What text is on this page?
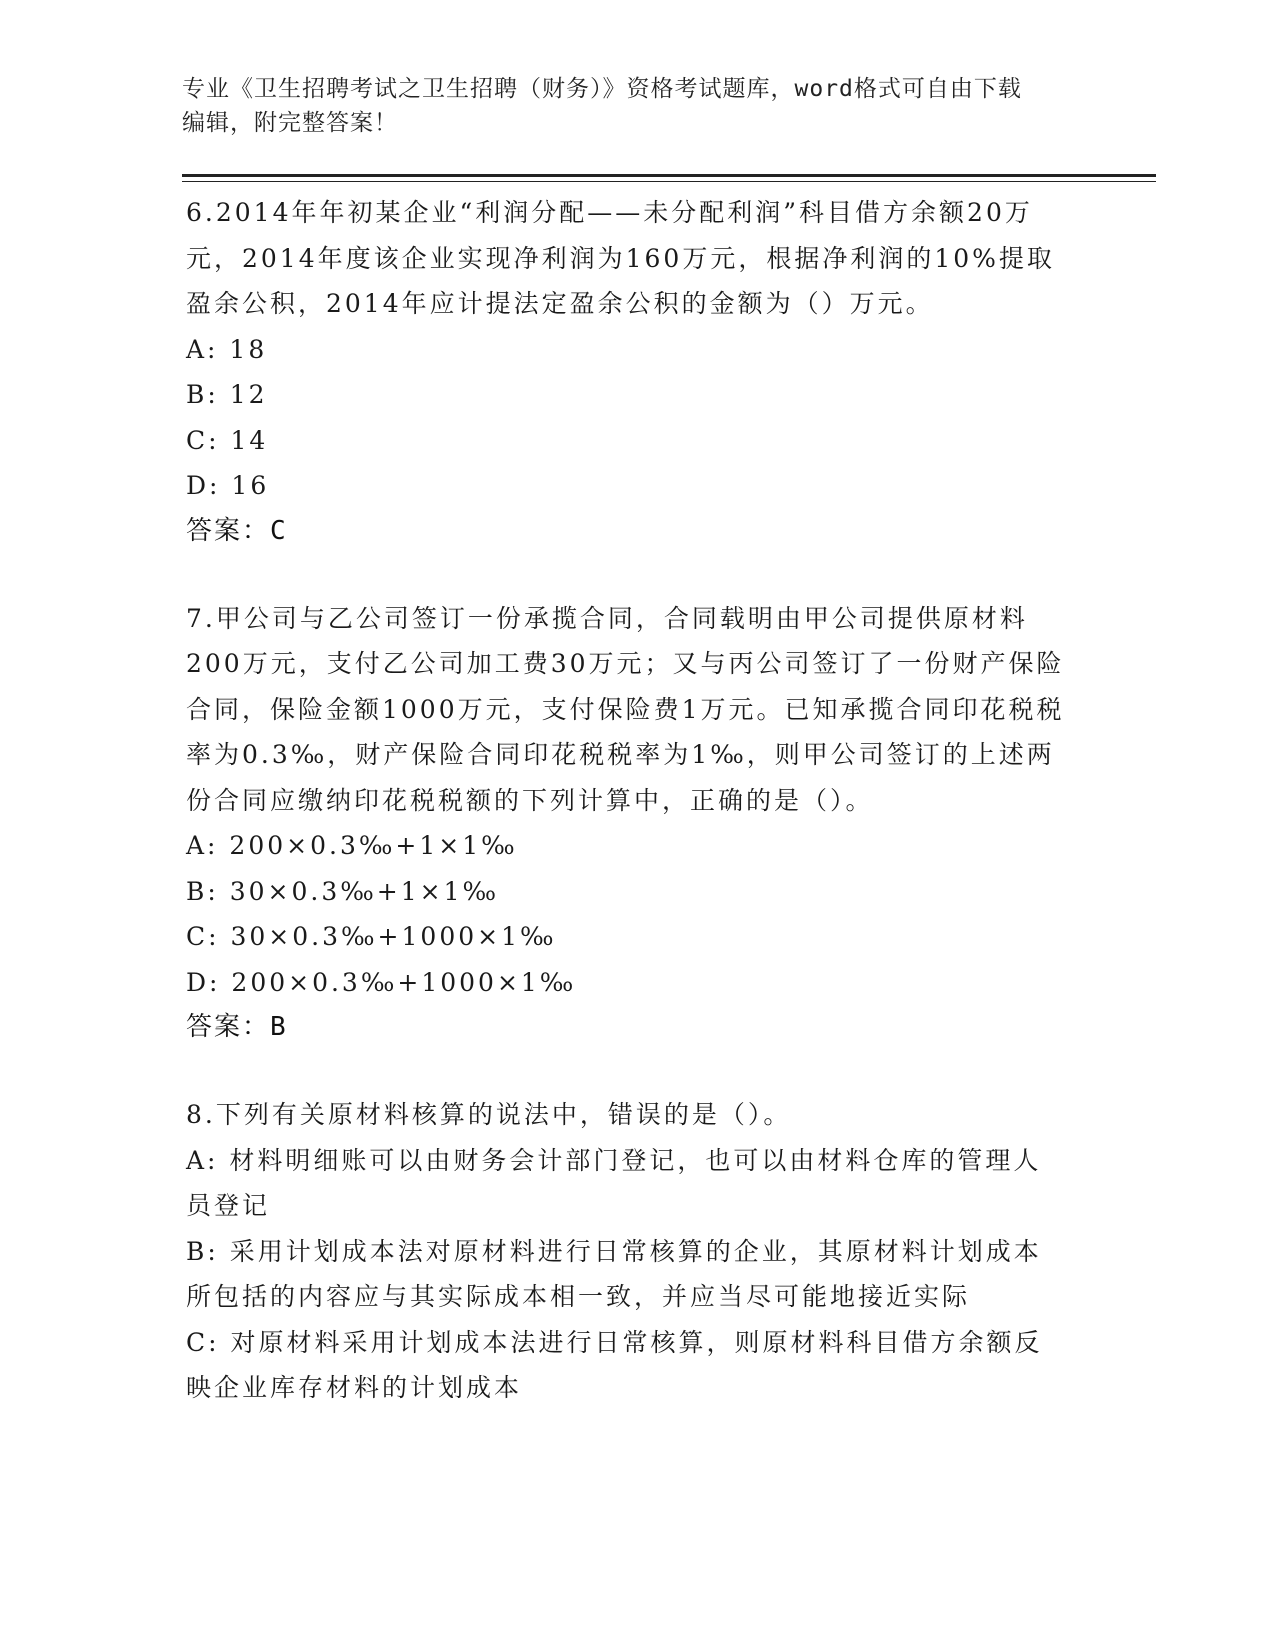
专业《卫生招聘考试之卫生招聘（财务）》资格考试题库，word格式可自由下载
编辑，附完整答案！

6.2014年年初某企业“利润分配——未分配利润”科目借方余额20万元，2014年度该企业实现净利润为160万元，根据净利润的10%提取盈余公积，2014年应计提法定盈余公积的金额为（）万元。

A: 18

B: 12

C: 14

D: 16

答案：C

7.甲公司与乙公司签订一份承揽合同，合同载明由甲公司提供原材料200万元，支付乙公司加工费30万元；又与丙公司签订了一份财产保险合同，保险金额1000万元，支付保险费1万元。已知承揽合同印花税税率为0.3‰，财产保险合同印花税税率为1‰，则甲公司签订的上述两份合同应缴纳印花税税额的下列计算中，正确的是（）。

A: 200×0.3‰+1×1‰

B: 30×0.3‰+1×1‰

C: 30×0.3‰+1000×1‰

D: 200×0.3‰+1000×1‰

答案：B

8.下列有关原材料核算的说法中，错误的是（）。

A: 材料明细账可以由财务会计部门登记，也可以由材料仓库的管理人员登记

B: 采用计划成本法对原材料进行日常核算的企业，其原材料计划成本所包括的内容应与其实际成本相一致，并应当尽可能地接近实际

C: 对原材料采用计划成本法进行日常核算，则原材料科目借方余额反映企业库存材料的计划成本
